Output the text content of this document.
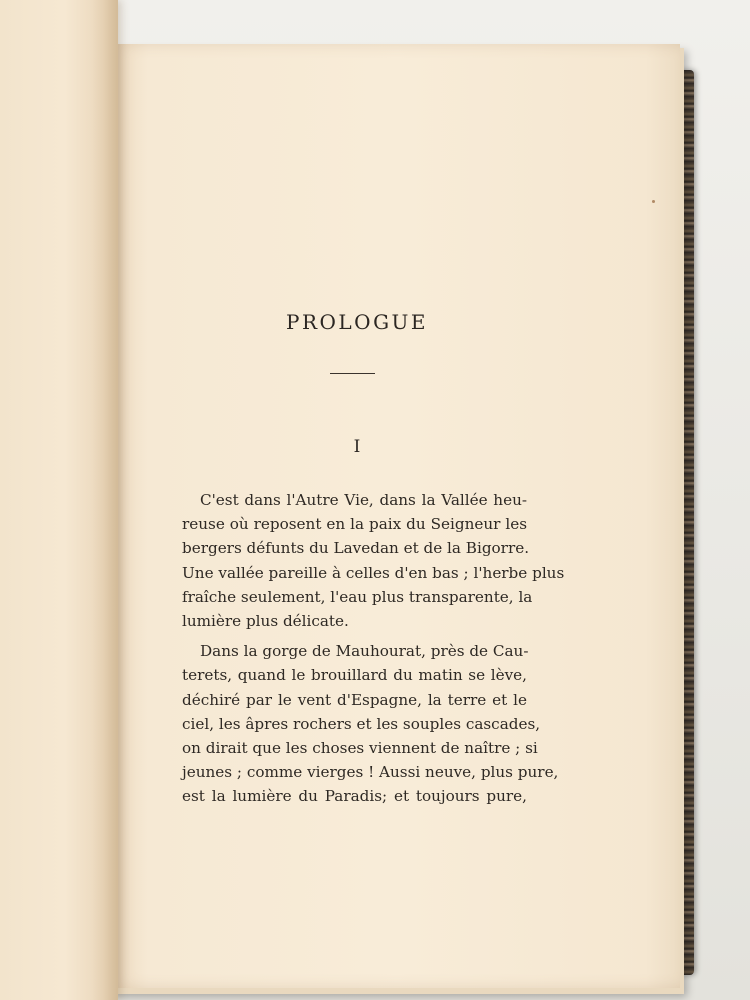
PROLOGUE
I
C'est dans l'Autre Vie, dans la Vallée heu-
reuse où reposent en la paix du Seigneur les
bergers défunts du Lavedan et de la Bigorre.
Une vallée pareille à celles d'en bas ; l'herbe plus
fraîche seulement, l'eau plus transparente, la
lumière plus délicate.
Dans la gorge de Mauhourat, près de Cau-
terets, quand le brouillard du matin se lève,
déchiré par le vent d'Espagne, la terre et le
ciel, les âpres rochers et les souples cascades,
on dirait que les choses viennent de naître ; si
jeunes ; comme vierges ! Aussi neuve, plus pure,
est la lumière du Paradis; et toujours pure,
